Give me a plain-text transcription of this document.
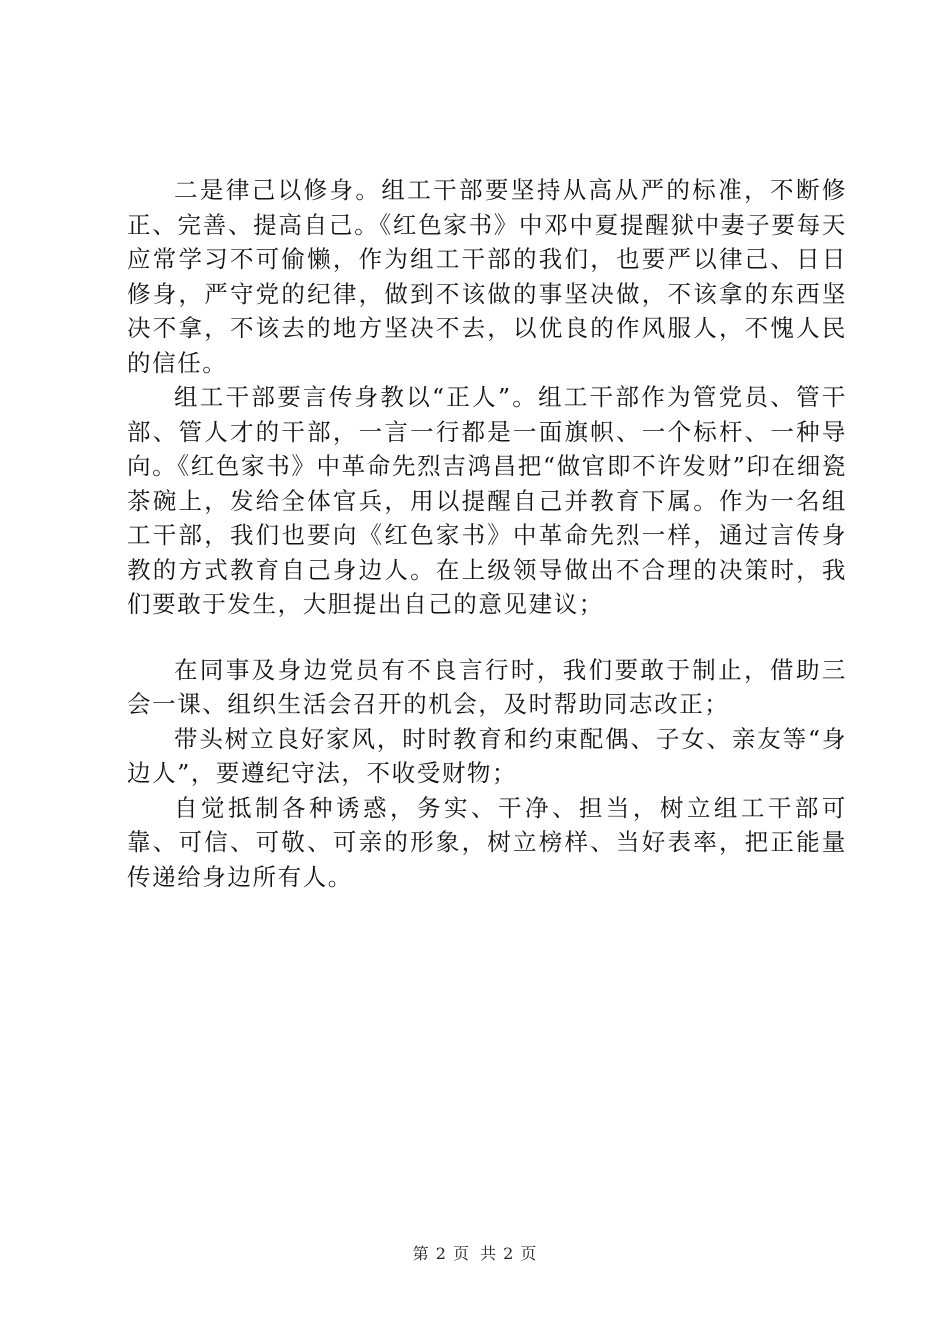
二是律己以修身。组工干部要坚持从高从严的标准，不断修正、完善、提高自己。《红色家书》中邓中夏提醒狱中妻子要每天应常学习不可偷懒，作为组工干部的我们，也要严以律己、日日修身，严守党的纪律，做到不该做的事坚决做，不该拿的东西坚决不拿，不该去的地方坚决不去，以优良的作风服人，不愧人民的信任。

组工干部要言传身教以“正人”。组工干部作为管党员、管干部、管人才的干部，一言一行都是一面旗帜、一个标杆、一种导向。《红色家书》中革命先烈吉鸿昌把“做官即不许发财”印在细瓷茶碗上，发给全体官兵，用以提醒自己并教育下属。作为一名组工干部，我们也要向《红色家书》中革命先烈一样，通过言传身教的方式教育自己身边人。在上级领导做出不合理的决策时，我们要敢于发生，大胆提出自己的意见建议；

在同事及身边党员有不良言行时，我们要敢于制止，借助三会一课、组织生活会召开的机会，及时帮助同志改正；

带头树立良好家风，时时教育和约束配偶、子女、亲友等“身边人”，要遵纪守法，不收受财物；

自觉抵制各种诱惑，务实、干净、担当，树立组工干部可靠、可信、可敬、可亲的形象，树立榜样、当好表率，把正能量传递给身边所有人。

第 2 页 共 2 页
